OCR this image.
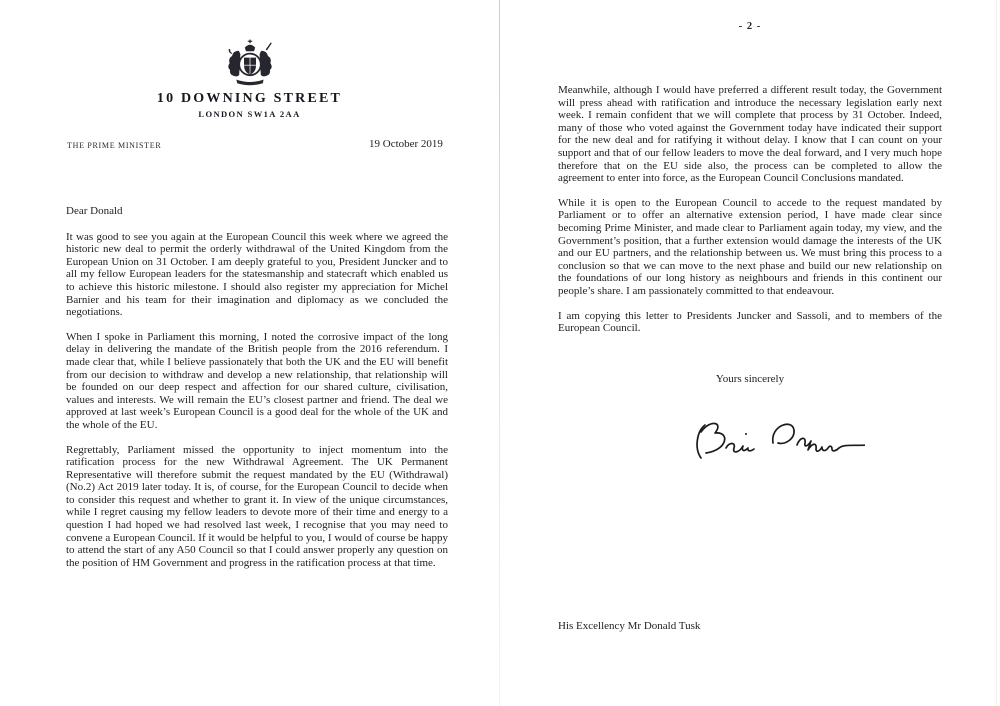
10 DOWNING STREET
LONDON SW1A 2AA
THE PRIME MINISTER	19 October 2019

Dear Donald

It was good to see you again at the European Council this week where we agreed the historic new deal to permit the orderly withdrawal of the United Kingdom from the European Union on 31 October. I am deeply grateful to you, President Juncker and to all my fellow European leaders for the statesmanship and statecraft which enabled us to achieve this historic milestone. I should also register my appreciation for Michel Barnier and his team for their imagination and diplomacy as we concluded the negotiations.

When I spoke in Parliament this morning, I noted the corrosive impact of the long delay in delivering the mandate of the British people from the 2016 referendum. I made clear that, while I believe passionately that both the UK and the EU will benefit from our decision to withdraw and develop a new relationship, that relationship will be founded on our deep respect and affection for our shared culture, civilisation, values and interests. We will remain the EU’s closest partner and friend. The deal we approved at last week’s European Council is a good deal for the whole of the UK and the whole of the EU.

Regrettably, Parliament missed the opportunity to inject momentum into the ratification process for the new Withdrawal Agreement. The UK Permanent Representative will therefore submit the request mandated by the EU (Withdrawal) (No.2) Act 2019 later today. It is, of course, for the European Council to decide when to consider this request and whether to grant it. In view of the unique circumstances, while I regret causing my fellow leaders to devote more of their time and energy to a question I had hoped we had resolved last week, I recognise that you may need to convene a European Council. If it would be helpful to you, I would of course be happy to attend the start of any A50 Council so that I could answer properly any question on the position of HM Government and progress in the ratification process at that time.

- 2 -

Meanwhile, although I would have preferred a different result today, the Government will press ahead with ratification and introduce the necessary legislation early next week. I remain confident that we will complete that process by 31 October. Indeed, many of those who voted against the Government today have indicated their support for the new deal and for ratifying it without delay. I know that I can count on your support and that of our fellow leaders to move the deal forward, and I very much hope therefore that on the EU side also, the process can be completed to allow the agreement to enter into force, as the European Council Conclusions mandated.

While it is open to the European Council to accede to the request mandated by Parliament or to offer an alternative extension period, I have made clear since becoming Prime Minister, and made clear to Parliament again today, my view, and the Government’s position, that a further extension would damage the interests of the UK and our EU partners, and the relationship between us. We must bring this process to a conclusion so that we can move to the next phase and build our new relationship on the foundations of our long history as neighbours and friends in this continent our people’s share. I am passionately committed to that endeavour.

I am copying this letter to Presidents Juncker and Sassoli, and to members of the European Council.

Yours sincerely
His Excellency Mr Donald Tusk
